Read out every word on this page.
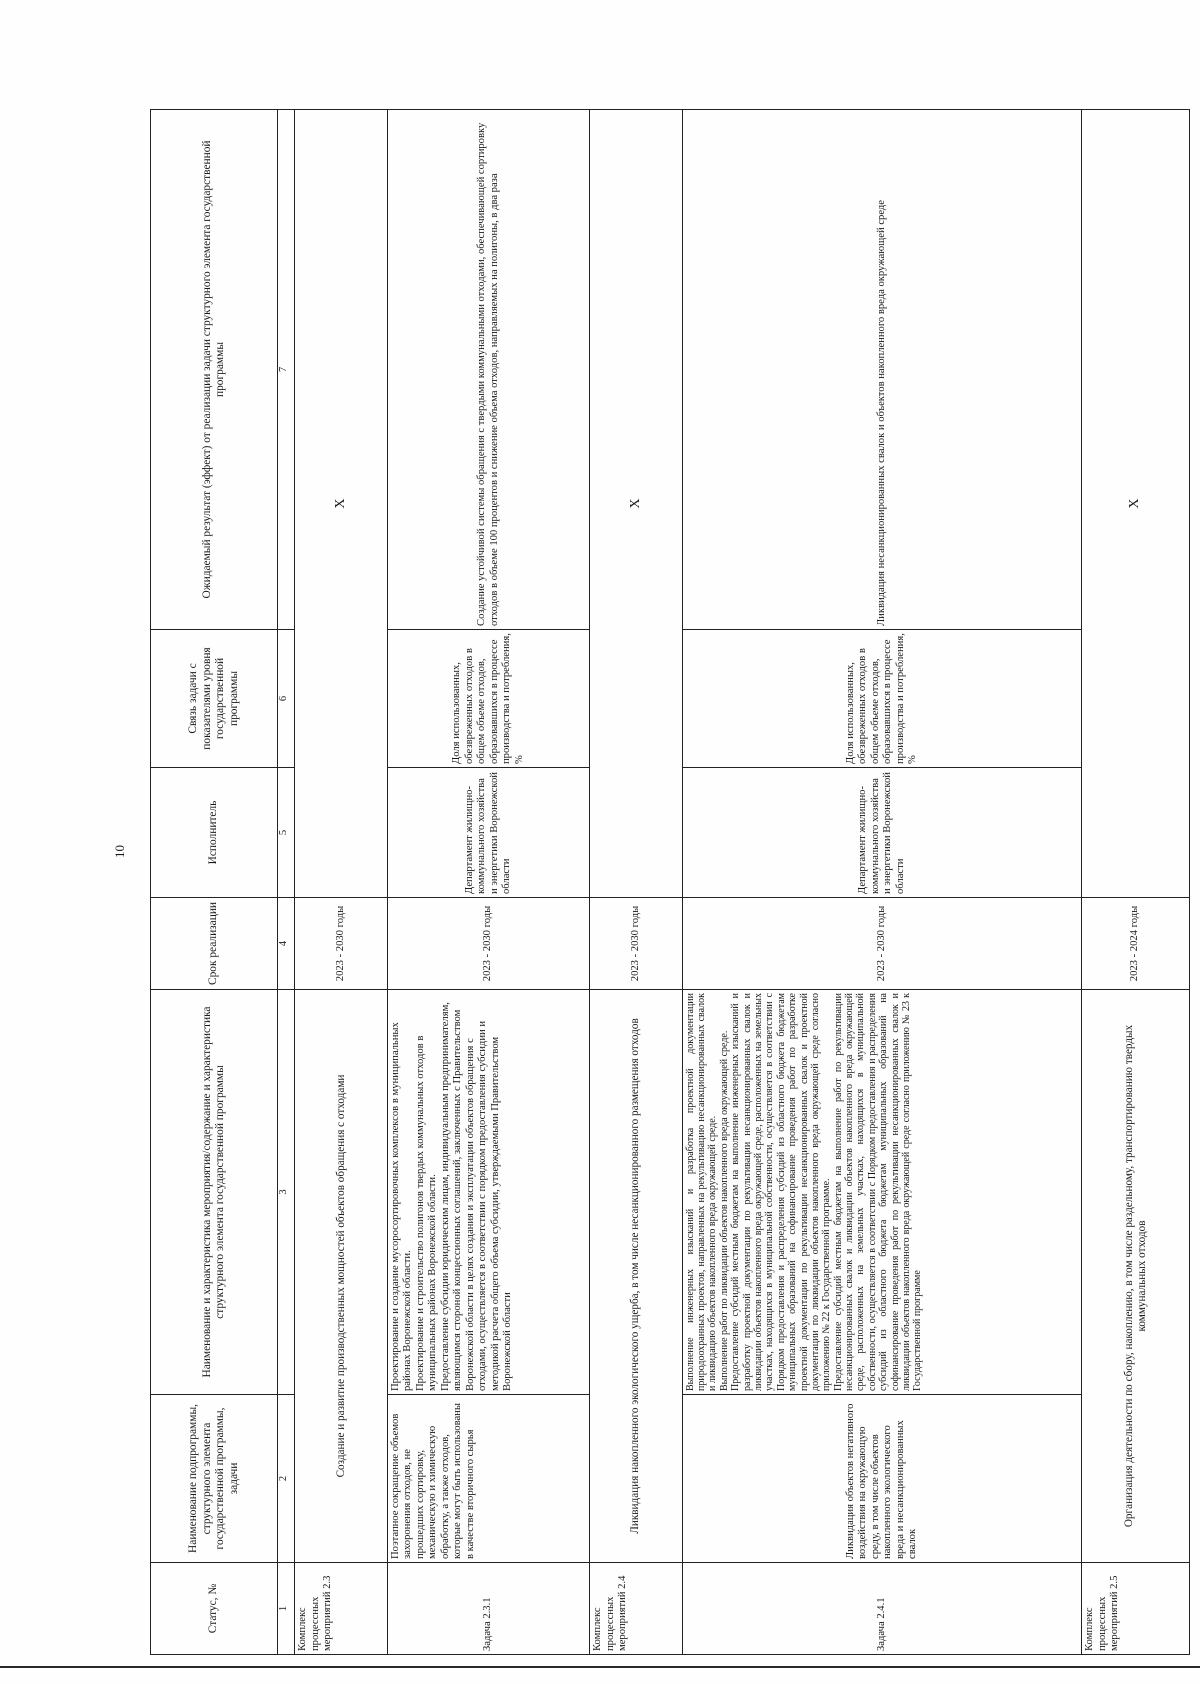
10
Статус, №	Наименование подпрограммы, структурного элемента государственной программы, задачи	Наименование и характеристика мероприятия/содержание и характеристика структурного элемента государственной программы	Срок реализации	Исполнитель	Связь задачи с показателями уровня государственной программы	Ожидаемый результат (эффект) от реализации задачи структурного элемента государственной программы
1	2	3	4	5	6	7
Комплекс процессных мероприятий 2.3	Создание и развитие производственных мощностей объектов обращения с отходами		2023 - 2030 годы	X		
Задача 2.3.1	Поэтапное сокращение объемов захоронения отходов, не прошедших сортировку, механическую и химическую обработку, а также отходов, которые могут быть использованы в качестве вторичного сырья	Проектирование и создание мусоросортировочных комплексов в муниципальных районах Воронежской области. Проектирование и строительство полигонов твердых коммунальных отходов в муниципальных районах Воронежской области. Предоставление субсидии юридическим лицам, индивидуальным предпринимателям, являющимся стороной концессионных соглашений, заключенных с Правительством Воронежской области в целях создания и эксплуатации объектов обращения с отходами, осуществляется в соответствии с порядком предоставления субсидии и методикой расчета общего объема субсидии, утверждаемыми Правительством Воронежской области	2023 - 2030 годы	Департамент жилищно-коммунального хозяйства и энергетики Воронежской области	Доля использованных, обезвреженных отходов в общем объеме отходов, образовавшихся в процессе производства и потребления, %	Создание устойчивой системы обращения с твердыми коммунальными отходами, обеспечивающей сортировку отходов в объеме 100 процентов и снижение объема отходов, направляемых на полигоны, в два раза
Комплекс процессных мероприятий 2.4	Ликвидация накопленного экологического ущерба, в том числе несанкционированного размещения отходов		2023 - 2030 годы	X		
Задача 2.4.1	Ликвидация объектов негативного воздействия на окружающую среду, в том числе объектов накопленного экологического вреда и несанкционированных свалок	Выполнение инженерных изысканий и разработка проектной документации природоохранных проектов, направленных на рекультивацию несанкционированных свалок и ликвидацию объектов накопленного вреда окружающей среде. Выполнение работ по ликвидации объектов накопленного вреда окружающей среде. Предоставление субсидий местным бюджетам на выполнение инженерных изысканий и разработку проектной документации по рекультивации несанкционированных свалок и ликвидации объектов накопленного вреда окружающей среде, расположенных на земельных участках, находящихся в муниципальной собственности, осуществляется в соответствии с Порядком предоставления и распределения субсидий из областного бюджета бюджетам муниципальных образований на софинансирование проведения работ по разработке проектной документации по рекультивации несанкционированных свалок и проектной документации по ликвидации объектов накопленного вреда окружающей среде согласно приложению № 22 к Государственной программе. Предоставление субсидий местным бюджетам на выполнение работ по рекультивации несанкционированных свалок и ликвидации объектов накопленного вреда окружающей среде, расположенных на земельных участках, находящихся в муниципальной собственности, осуществляется в соответствии с Порядком предоставления и распределения субсидий из областного бюджета бюджетам муниципальных образований на софинансирование проведения работ по рекультивации несанкционированных свалок и ликвидации объектов накопленного вреда окружающей среде согласно приложению № 23 к Государственной программе	2023 - 2030 годы	Департамент жилищно-коммунального хозяйства и энергетики Воронежской области	Доля использованных, обезвреженных отходов в общем объеме отходов, образовавшихся в процессе производства и потребления, %	Ликвидация несанкционированных свалок и объектов накопленного вреда окружающей среде
Комплекс процессных мероприятий 2.5	Организация деятельности по сбору, накоплению, в том числе раздельному, транспортированию твердых коммунальных отходов		2023 - 2024 годы	X		
